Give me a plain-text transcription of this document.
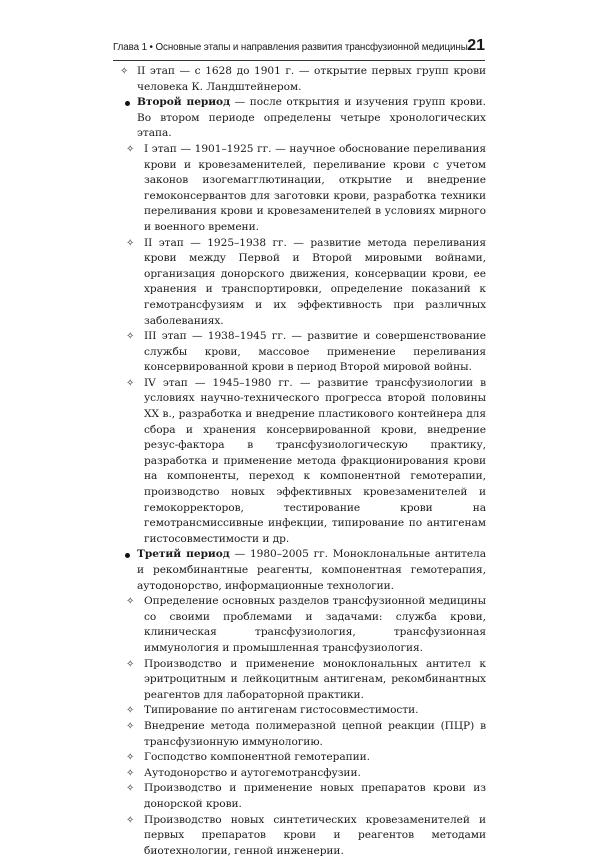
Глава 1 • Основные этапы и направления развития трансфузионной медицины 21
✧ II этап — с 1628 до 1901 г. — открытие первых групп крови человека К. Ландштейнером.
Второй период — после открытия и изучения групп крови. Во втором периоде определены четыре хронологических этапа.
✧ I этап — 1901–1925 гг. — научное обоснование переливания крови и кровезаменителей, переливание крови с учетом законов изогемагглютинации, открытие и внедрение гемоконсервантов для заготовки крови, разработка техники переливания крови и кровезаменителей в условиях мирного и военного времени.
✧ II этап — 1925–1938 гг. — развитие метода переливания крови между Первой и Второй мировыми войнами, организация донорского движения, консервации крови, ее хранения и транспортировки, определение показаний к гемотрансфузиям и их эффективность при различных заболеваниях.
✧ III этап — 1938–1945 гг. — развитие и совершенствование службы крови, массовое применение переливания консервированной крови в период Второй мировой войны.
✧ IV этап — 1945–1980 гг. — развитие трансфузиологии в условиях научно-технического прогресса второй половины XX в., разработка и внедрение пластикового контейнера для сбора и хранения консервированной крови, внедрение резус-фактора в трансфузиологическую практику, разработка и применение метода фракционирования крови на компоненты, переход к компонентной гемотерапии, производство новых эффективных кровезаменителей и гемокорректоров, тестирование крови на гемотрансмиссивные инфекции, типирование по антигенам гистосовместимости и др.
Третий период — 1980–2005 гг. Моноклональные антитела и рекомбинантные реагенты, компонентная гемотерапия, аутодонорство, информационные технологии.
✧ Определение основных разделов трансфузионной медицины со своими проблемами и задачами: служба крови, клиническая трансфузиология, трансфузионная иммунология и промышленная трансфузиология.
✧ Производство и применение моноклональных антител к эритроцитным и лейкоцитным антигенам, рекомбинантных реагентов для лабораторной практики.
✧ Типирование по антигенам гистосовместимости.
✧ Внедрение метода полимеразной цепной реакции (ПЦР) в трансфузионную иммунологию.
✧ Господство компонентной гемотерапии.
✧ Аутодонорство и аутогемотрансфузии.
✧ Производство и применение новых препаратов крови из донорской крови.
✧ Производство новых синтетических кровезаменителей и первых препаратов крови и реагентов методами биотехнологии, генной инженерии.
